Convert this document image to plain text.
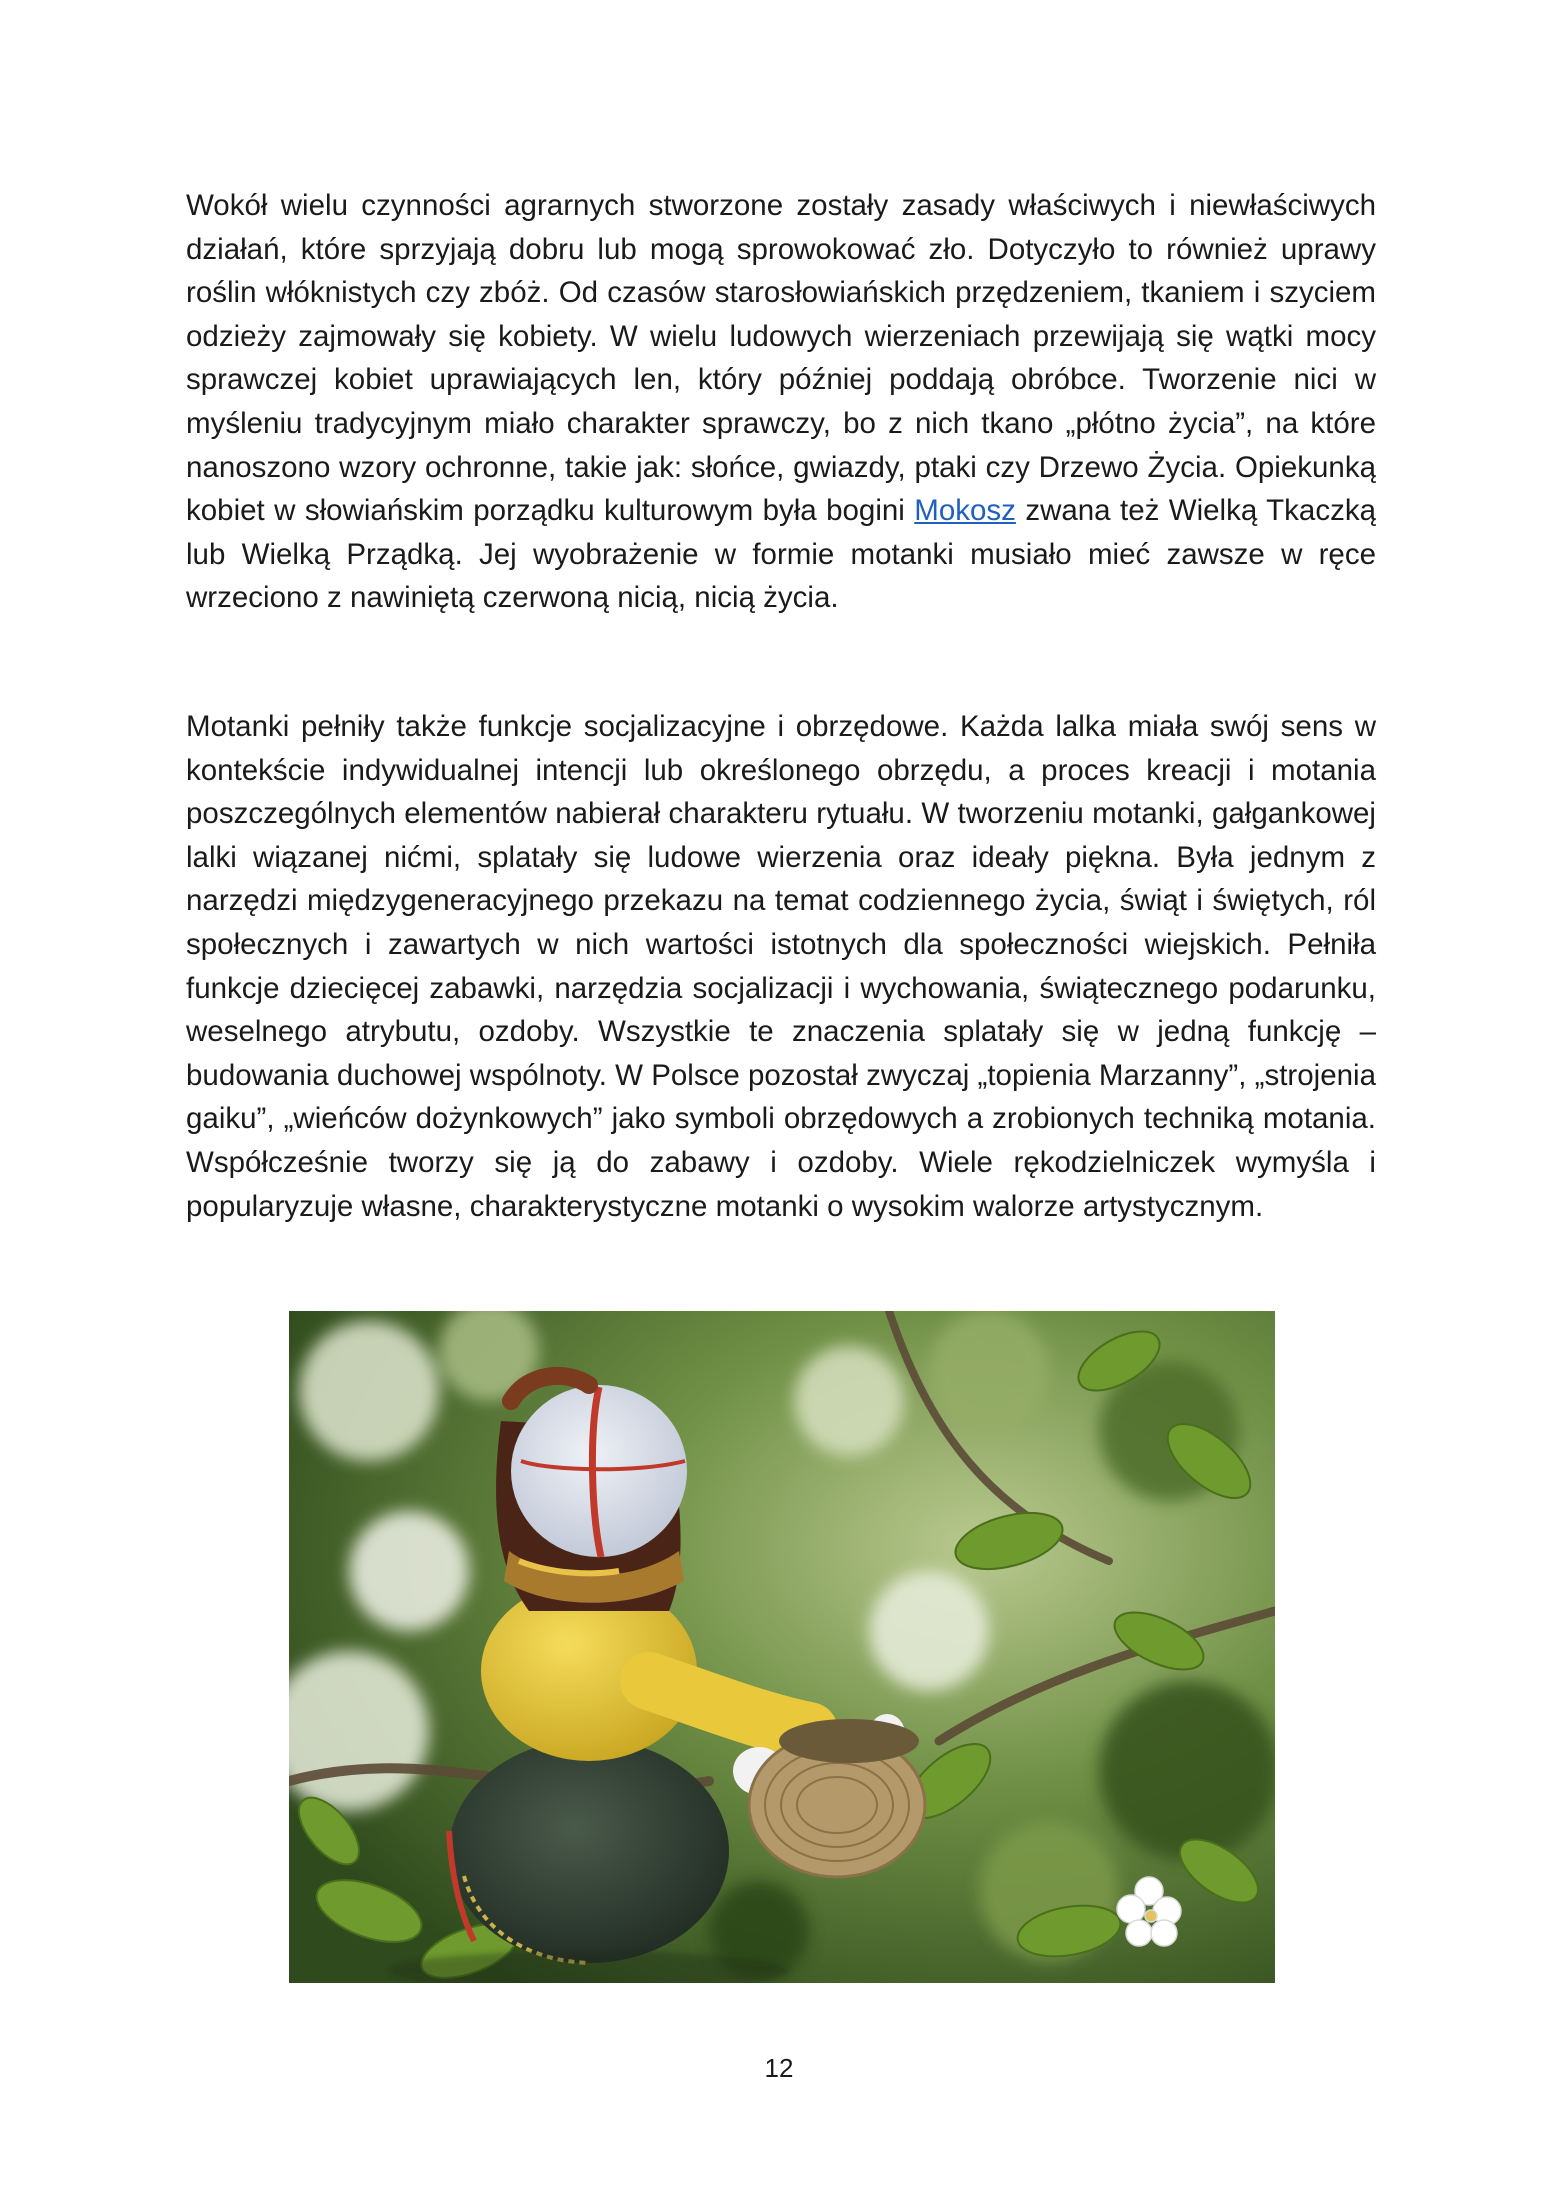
Wokół wielu czynności agrarnych stworzone zostały zasady właściwych i niewłaściwych działań, które sprzyjają dobru lub mogą sprowokować zło. Dotyczyło to również uprawy roślin włóknistych czy zbóż. Od czasów starosłowiańskich przędzeniem, tkaniem i szyciem odzieży zajmowały się kobiety. W wielu ludowych wierzeniach przewijają się wątki mocy sprawczej kobiet uprawiających len, który później poddają obróbce. Tworzenie nici w myśleniu tradycyjnym miało charakter sprawczy, bo z nich tkano „płótno życia”, na które nanoszono wzory ochronne, takie jak: słońce, gwiazdy, ptaki czy Drzewo Życia. Opiekunką kobiet w słowiańskim porządku kulturowym była bogini Mokosz zwana też Wielką Tkaczką lub Wielką Prządką. Jej wyobrażenie w formie motanki musiało mieć zawsze w ręce wrzeciono z nawiniętą czerwoną nicią, nicią życia.

Motanki pełniły także funkcje socjalizacyjne i obrzędowe. Każda lalka miała swój sens w kontekście indywidualnej intencji lub określonego obrzędu, a proces kreacji i motania poszczególnych elementów nabierał charakteru rytuału. W tworzeniu motanki, gałgankowej lalki wiązanej nićmi, splatały się ludowe wierzenia oraz ideały piękna. Była jednym z narzędzi międzygeneracyjnego przekazu na temat codziennego życia, świąt i świętych, ról społecznych i zawartych w nich wartości istotnych dla społeczności wiejskich. Pełniła funkcje dziecięcej zabawki, narzędzia socjalizacji i wychowania, świątecznego podarunku, weselnego atrybutu, ozdoby. Wszystkie te znaczenia splatały się w jedną funkcję – budowania duchowej wspólnoty. W Polsce pozostał zwyczaj „topienia Marzanny”, „strojenia gaiku”, „wieńców dożynkowych” jako symboli obrzędowych a zrobionych techniką motania. Współcześnie tworzy się ją do zabawy i ozdoby. Wiele rękodzielniczek wymyśla i popularyzuje własne, charakterystyczne motanki o wysokim walorze artystycznym.

12
